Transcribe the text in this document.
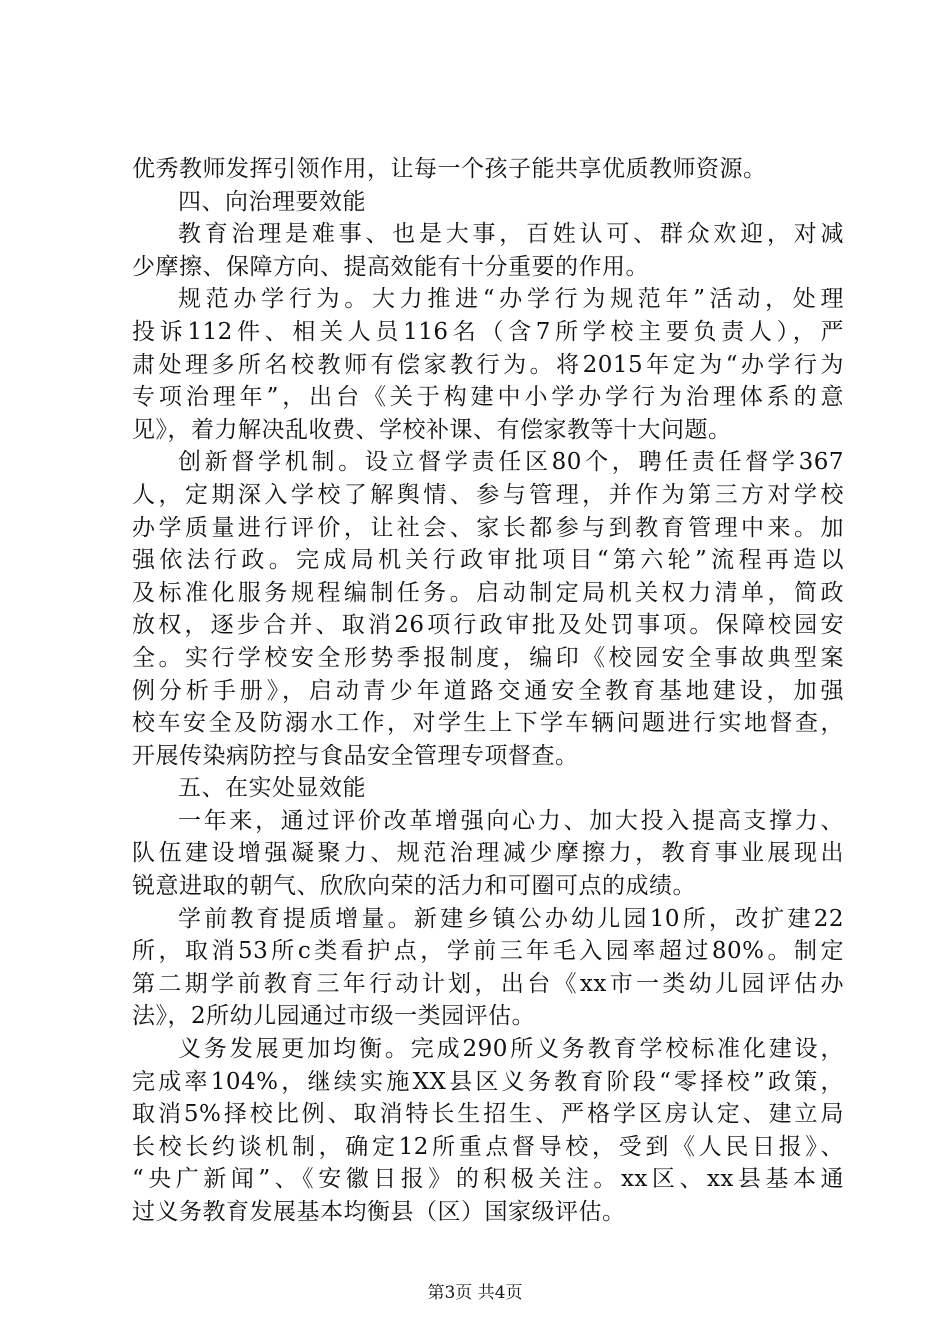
优秀教师发挥引领作用，让每一个孩子能共享优质教师资源。
四、向治理要效能
教育治理是难事、也是大事，百姓认可、群众欢迎，对减
少摩擦、保障方向、提高效能有十分重要的作用。
规范办学行为。大力推进“办学行为规范年”活动，处理
投诉112件、相关人员116名（含7所学校主要负责人），严
肃处理多所名校教师有偿家教行为。将2015年定为“办学行为
专项治理年”，出台《关于构建中小学办学行为治理体系的意
见》，着力解决乱收费、学校补课、有偿家教等十大问题。
创新督学机制。设立督学责任区80个，聘任责任督学367
人，定期深入学校了解舆情、参与管理，并作为第三方对学校
办学质量进行评价，让社会、家长都参与到教育管理中来。加
强依法行政。完成局机关行政审批项目“第六轮”流程再造以
及标准化服务规程编制任务。启动制定局机关权力清单，简政
放权，逐步合并、取消26项行政审批及处罚事项。保障校园安
全。实行学校安全形势季报制度，编印《校园安全事故典型案
例分析手册》，启动青少年道路交通安全教育基地建设，加强
校车安全及防溺水工作，对学生上下学车辆问题进行实地督查，
开展传染病防控与食品安全管理专项督查。
五、在实处显效能
一年来，通过评价改革增强向心力、加大投入提高支撑力、
队伍建设增强凝聚力、规范治理减少摩擦力，教育事业展现出
锐意进取的朝气、欣欣向荣的活力和可圈可点的成绩。
学前教育提质增量。新建乡镇公办幼儿园10所，改扩建22
所，取消53所c类看护点，学前三年毛入园率超过80%。制定
第二期学前教育三年行动计划，出台《xx市一类幼儿园评估办
法》，2所幼儿园通过市级一类园评估。
义务发展更加均衡。完成290所义务教育学校标准化建设，
完成率104%，继续实施XX县区义务教育阶段“零择校”政策，
取消5%择校比例、取消特长生招生、严格学区房认定、建立局
长校长约谈机制，确定12所重点督导校，受到《人民日报》、
“央广新闻”、《安徽日报》的积极关注。xx区、xx县基本通
过义务教育发展基本均衡县（区）国家级评估。
第3页 共4页
